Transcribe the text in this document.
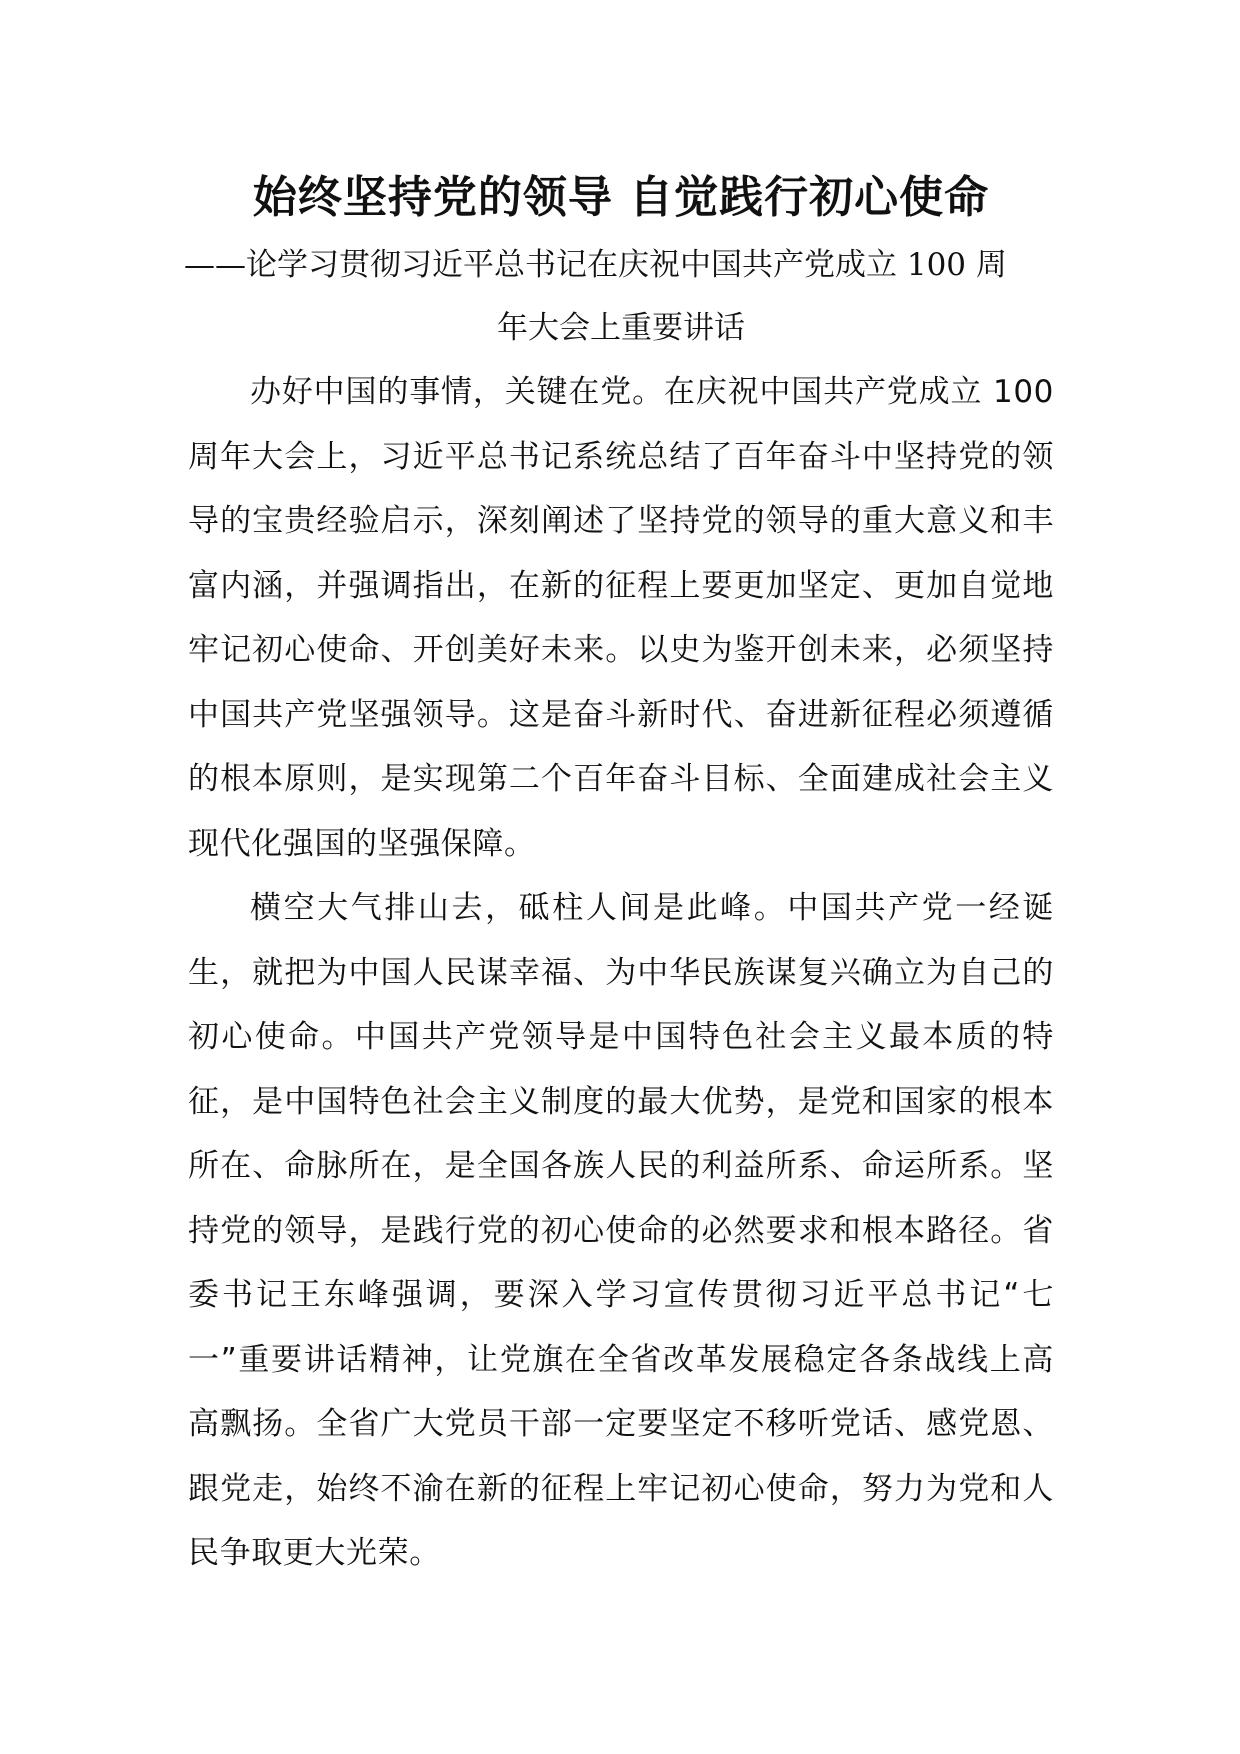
始终坚持党的领导 自觉践行初心使命
——论学习贯彻习近平总书记在庆祝中国共产党成立 100 周
年大会上重要讲话

办好中国的事情，关键在党。在庆祝中国共产党成立 100 周年大会上，习近平总书记系统总结了百年奋斗中坚持党的领导的宝贵经验启示，深刻阐述了坚持党的领导的重大意义和丰富内涵，并强调指出，在新的征程上要更加坚定、更加自觉地牢记初心使命、开创美好未来。以史为鉴开创未来，必须坚持中国共产党坚强领导。这是奋斗新时代、奋进新征程必须遵循的根本原则，是实现第二个百年奋斗目标、全面建成社会主义现代化强国的坚强保障。

横空大气排山去，砥柱人间是此峰。中国共产党一经诞生，就把为中国人民谋幸福、为中华民族谋复兴确立为自己的初心使命。中国共产党领导是中国特色社会主义最本质的特征，是中国特色社会主义制度的最大优势，是党和国家的根本所在、命脉所在，是全国各族人民的利益所系、命运所系。坚持党的领导，是践行党的初心使命的必然要求和根本路径。省委书记王东峰强调，要深入学习宣传贯彻习近平总书记“七一”重要讲话精神，让党旗在全省改革发展稳定各条战线上高高飘扬。全省广大党员干部一定要坚定不移听党话、感党恩、跟党走，始终不渝在新的征程上牢记初心使命，努力为党和人民争取更大光荣。
